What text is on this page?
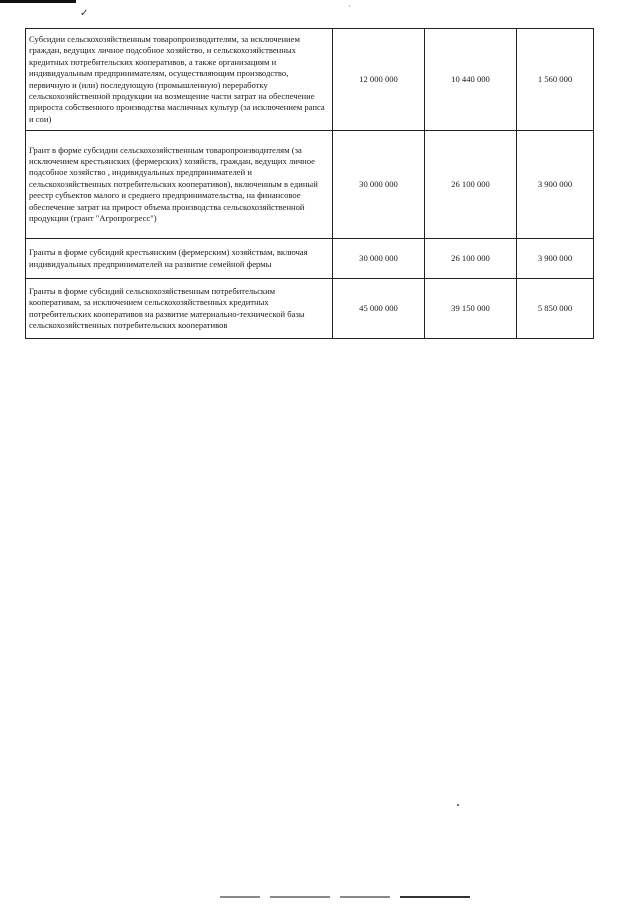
✓
·
Субсидии сельскохозяйственным товаропроизводителям, за исключением граждан, ведущих личное подсобное хозяйство, и сельскохозяйственных кредитных потребительских кооперативов, а также организациям и индивидуальным предпринимателям, осуществляющим производство, первичную и (или) последующую (промышленную) переработку сельскохозяйственной продукции на возмещение части затрат на обеспечение прироста собственного производства масличных культур (за исключением рапса и сои)	12 000 000	10 440 000	1 560 000
Грант в форме субсидии сельскохозяйственным товаропроизводителям (за исключением крестьянских (фермерских) хозяйств, граждан, ведущих личное подсобное хозяйство , индивидуальных предпринимателей и сельскохозяйственных потребительских кооперативов), включенным в единый реестр субъектов малого и среднего предпринимательства, на финансовое обеспечение затрат на прирост объема производства сельскохозяйственной продукции (грант "Агропрогресс")	30 000 000	26 100 000	3 900 000
Гранты в форме субсидий крестьянским (фермерским) хозяйствам, включая индивидуальных предпринимателей на развитие семейной фермы	30 000 000	26 100 000	3 900 000
Гранты в форме субсидий сельскохозяйственным потребительским кооперативам, за исключением сельскохозяйственных кредитных потребительских кооперативов на развитие материально-технической базы сельскохозяйственных потребительских кооперативов	45 000 000	39 150 000	5 850 000
